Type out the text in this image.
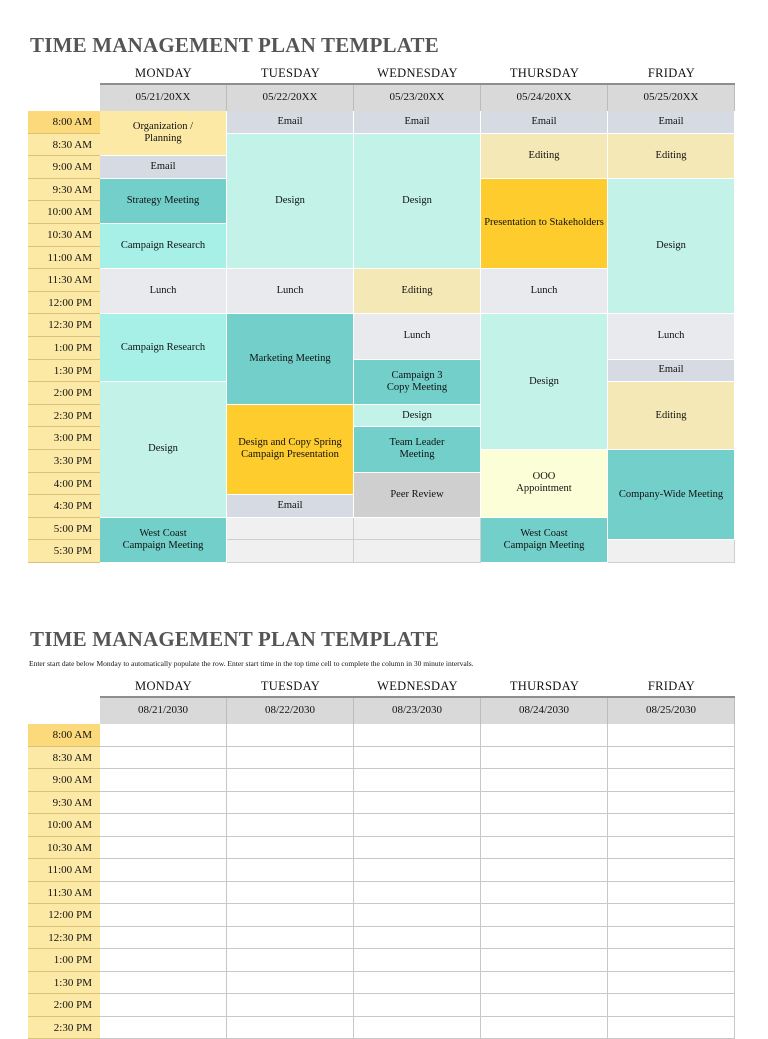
TIME MANAGEMENT PLAN TEMPLATE
MONDAY
05/21/20XX
TUESDAY
05/22/20XX
WEDNESDAY
05/23/20XX
THURSDAY
05/24/20XX
FRIDAY
05/25/20XX
8:00 AM
8:30 AM
9:00 AM
9:30 AM
10:00 AM
10:30 AM
11:00 AM
11:30 AM
12:00 PM
12:30 PM
1:00 PM
1:30 PM
2:00 PM
2:30 PM
3:00 PM
3:30 PM
4:00 PM
4:30 PM
5:00 PM
5:30 PM
Organization /
Planning
Email
Strategy Meeting
Campaign Research
Lunch
Campaign Research
Design
West Coast
Campaign Meeting
Email
Design
Lunch
Marketing Meeting
Design and Copy Spring
Campaign Presentation
Email
Email
Design
Editing
Lunch
Campaign 3
Copy Meeting
Design
Team Leader
Meeting
Peer Review
Email
Editing
Presentation to Stakeholders
Lunch
Design
OOO
Appointment
West Coast
Campaign Meeting
Email
Editing
Design
Lunch
Email
Editing
Company-Wide Meeting
TIME MANAGEMENT PLAN TEMPLATE
Enter start date below Monday to automatically populate the row. Enter start time in the top time cell to complete the column in 30 minute intervals.
MONDAY
08/21/2030
TUESDAY
08/22/2030
WEDNESDAY
08/23/2030
THURSDAY
08/24/2030
FRIDAY
08/25/2030
8:00 AM
8:30 AM
9:00 AM
9:30 AM
10:00 AM
10:30 AM
11:00 AM
11:30 AM
12:00 PM
12:30 PM
1:00 PM
1:30 PM
2:00 PM
2:30 PM
